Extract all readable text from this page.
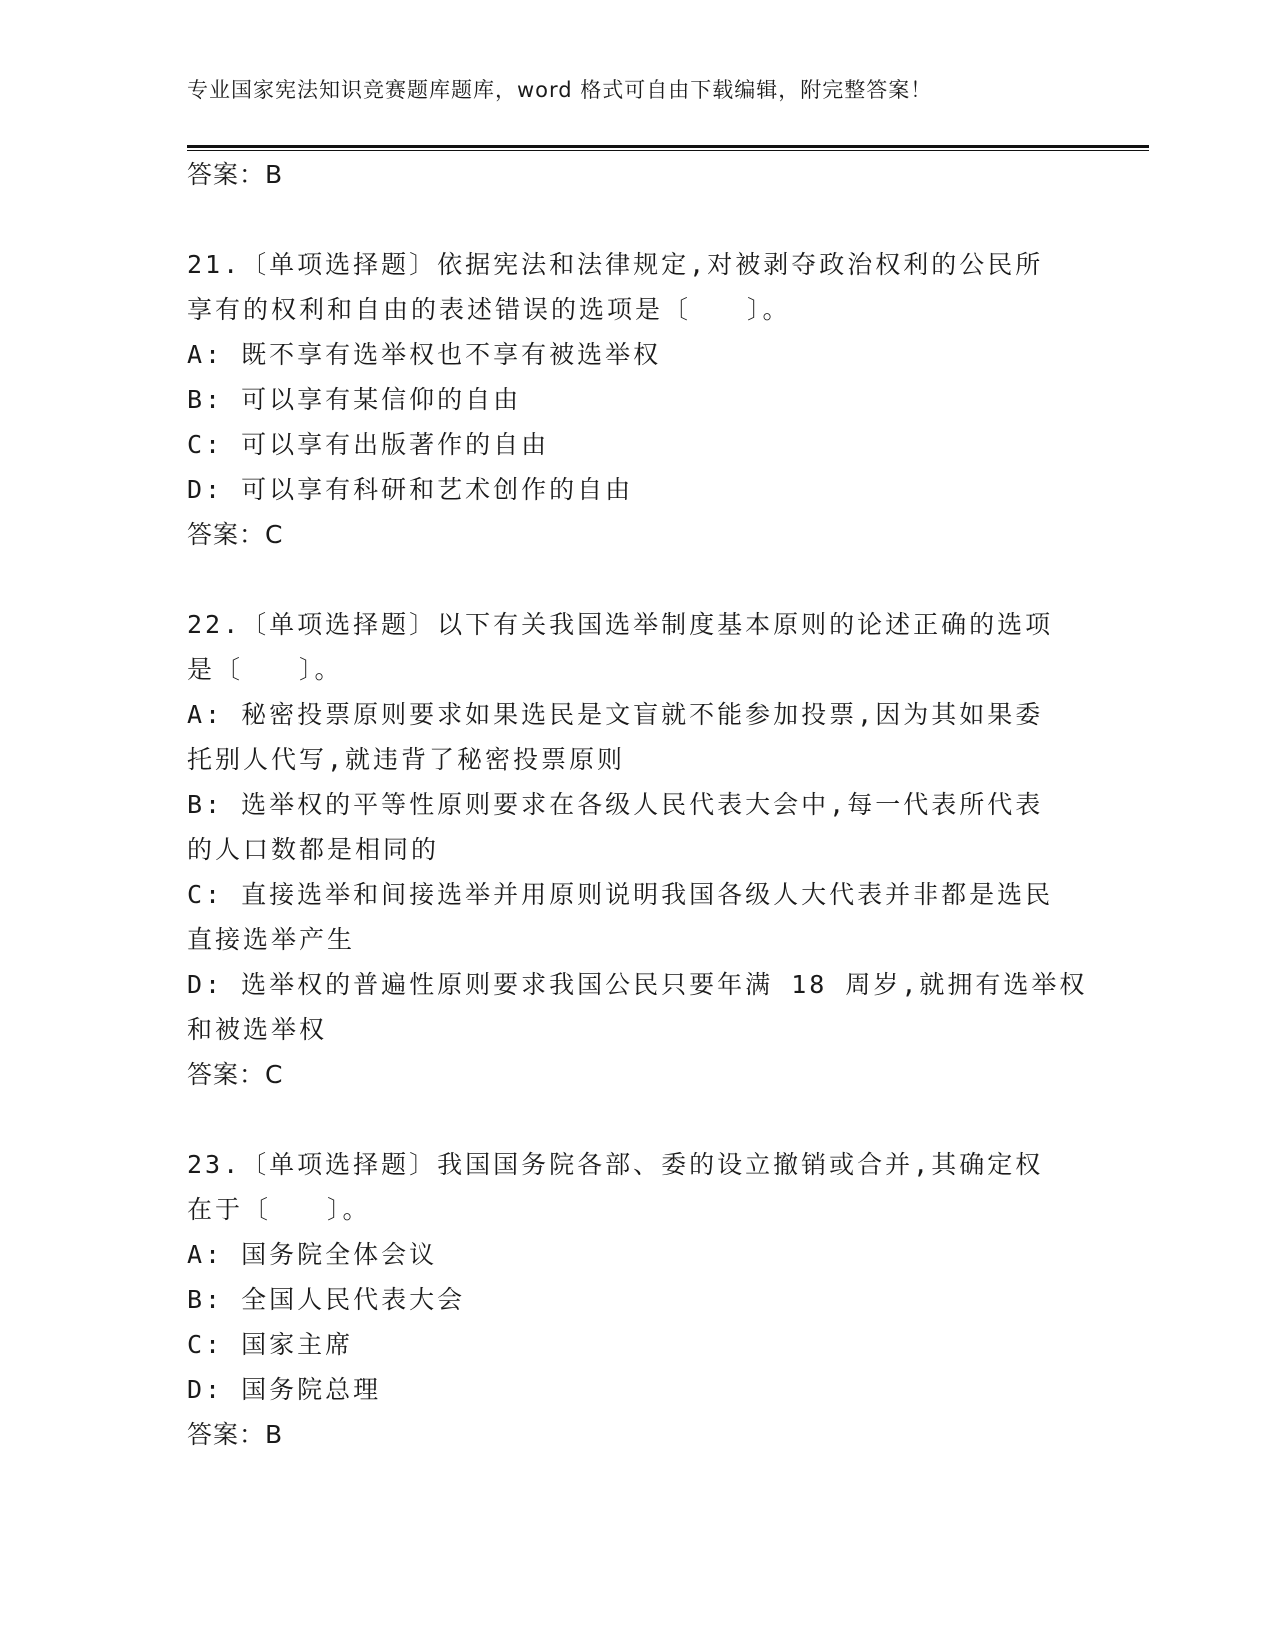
专业国家宪法知识竞赛题库题库，word 格式可自由下载编辑，附完整答案！
答案：B
21.〔单项选择题〕依据宪法和法律规定,对被剥夺政治权利的公民所
享有的权利和自由的表述错误的选项是〔　　〕。
A: 既不享有选举权也不享有被选举权
B: 可以享有某信仰的自由
C: 可以享有出版著作的自由
D: 可以享有科研和艺术创作的自由
答案：C
22.〔单项选择题〕以下有关我国选举制度基本原则的论述正确的选项
是〔　　〕。
A: 秘密投票原则要求如果选民是文盲就不能参加投票,因为其如果委
托别人代写,就违背了秘密投票原则
B: 选举权的平等性原则要求在各级人民代表大会中,每一代表所代表
的人口数都是相同的
C: 直接选举和间接选举并用原则说明我国各级人大代表并非都是选民
直接选举产生
D: 选举权的普遍性原则要求我国公民只要年满 18 周岁,就拥有选举权
和被选举权
答案：C
23.〔单项选择题〕我国国务院各部、委的设立撤销或合并,其确定权
在于〔　　〕。
A: 国务院全体会议
B: 全国人民代表大会
C: 国家主席
D: 国务院总理
答案：B
